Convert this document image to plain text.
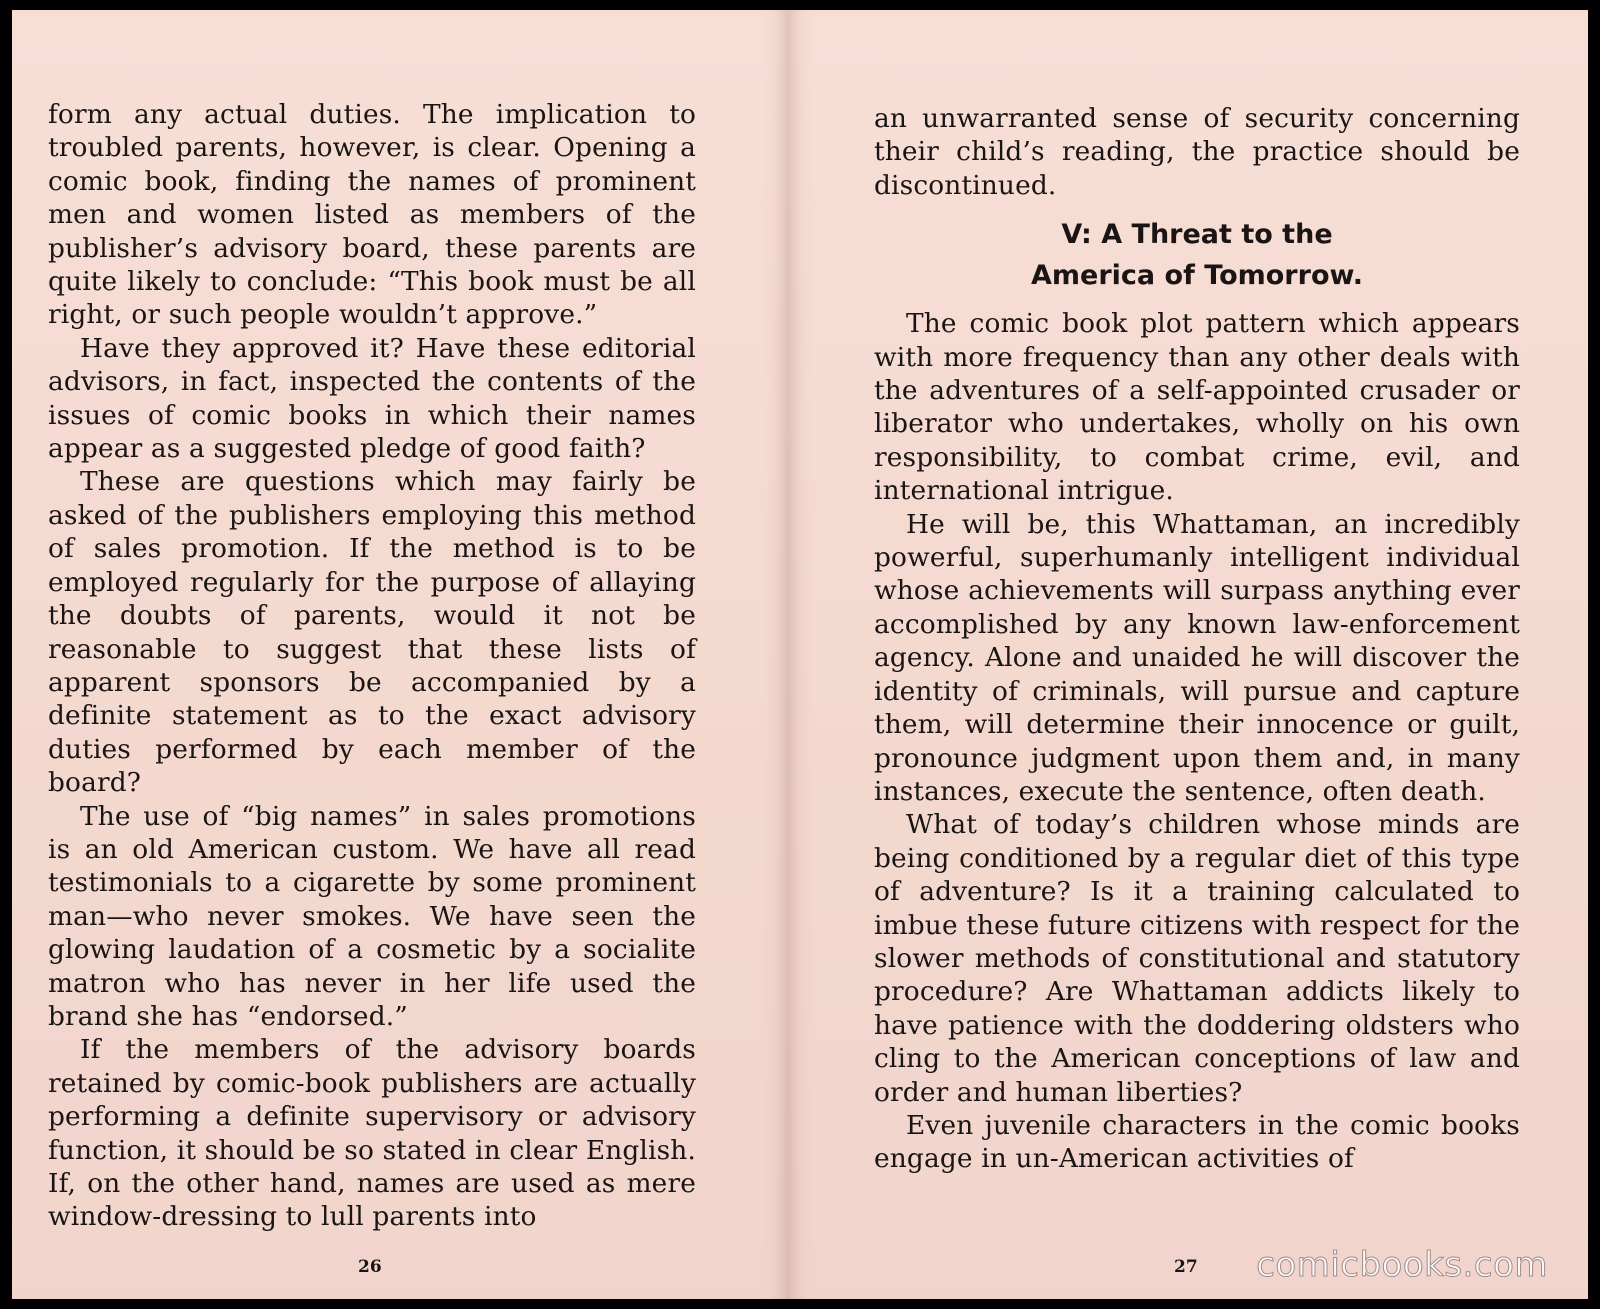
form any actual duties. The implication to troubled parents, however, is clear. Opening a comic book, finding the names of prominent men and women listed as members of the publisher’s advisory board, these parents are quite likely to conclude: “This book must be all right, or such people wouldn’t approve.”

Have they approved it? Have these editorial advisors, in fact, inspected the contents of the issues of comic books in which their names appear as a suggested pledge of good faith?

These are questions which may fairly be asked of the publishers employing this method of sales promotion. If the method is to be employed regularly for the purpose of allaying the doubts of parents, would it not be reasonable to suggest that these lists of apparent sponsors be accompanied by a definite statement as to the exact advisory duties performed by each member of the board?

The use of “big names” in sales promotions is an old American custom. We have all read testimonials to a cigarette by some prominent man—who never smokes. We have seen the glowing laudation of a cosmetic by a socialite matron who has never in her life used the brand she has “endorsed.”

If the members of the advisory boards retained by comic-book publishers are actually performing a definite supervisory or advisory function, it should be so stated in clear English. If, on the other hand, names are used as mere window-dressing to lull parents into

26

an unwarranted sense of security concerning their child’s reading, the practice should be discontinued.

V: A Threat to the
America of Tomorrow.

The comic book plot pattern which appears with more frequency than any other deals with the adventures of a self-appointed crusader or liberator who undertakes, wholly on his own responsibility, to combat crime, evil, and international intrigue.

He will be, this Whattaman, an incredibly powerful, superhumanly intelligent individual whose achievements will surpass anything ever accomplished by any known law-enforcement agency. Alone and unaided he will discover the identity of criminals, will pursue and capture them, will determine their innocence or guilt, pronounce judgment upon them and, in many instances, execute the sentence, often death.

What of today’s children whose minds are being conditioned by a regular diet of this type of adventure? Is it a training calculated to imbue these future citizens with respect for the slower methods of constitutional and statutory procedure? Are Whattaman addicts likely to have patience with the doddering oldsters who cling to the American conceptions of law and order and human liberties?

Even juvenile characters in the comic books engage in un-American activities of

27 comicbooks.com
